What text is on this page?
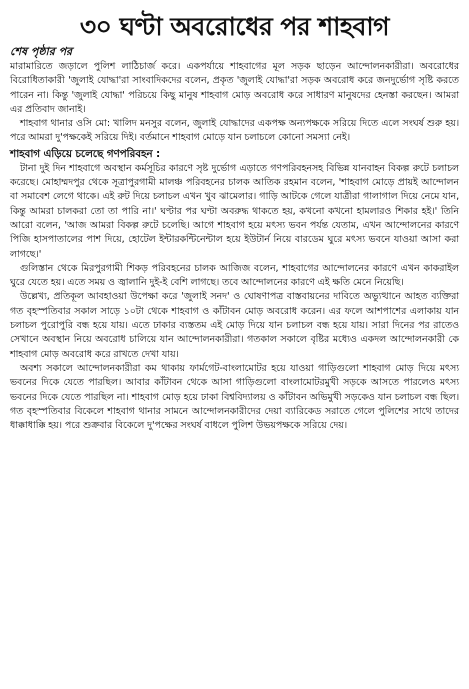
৩০ ঘণ্টা অবরোধের পর শাহবাগ
শেষ পৃষ্ঠার পর

মারামারিতে জড়ালে পুলিশ লাঠিচার্জ করে। একপর্যায়ে শাহবাগের মূল সড়ক ছাড়েন আন্দোলনকারীরা। অবরোধের বিরোধিতাকারী 'জুলাই যোদ্ধা'রা সাংবাদিকদের বলেন, প্রকৃত 'জুলাই যোদ্ধা'রা সড়ক অবরোধ করে জনদুর্ভোগ সৃষ্টি করতে পারেন না। কিন্তু 'জুলাই যোদ্ধা' পরিচয়ে কিছু মানুষ শাহবাগ মোড় অবরোধ করে সাধারণ মানুষদের হেনস্তা করছেন। আমরা এর প্রতিবাদ জানাই।

শাহবাগ থানার ওসি মো: খালিদ মনসুর বলেন, জুলাই যোদ্ধাদের একপক্ষ অন্যপক্ষকে সরিয়ে দিতে এলে সংঘর্ষ শুরু হয়। পরে আমরা দু'পক্ষকেই সরিয়ে দিই। বর্তমানে শাহবাগ মোড়ে যান চলাচলে কোনো সমস্যা নেই।

শাহবাগ এড়িয়ে চলেছে গণপরিবহন :

টানা দুই দিন শাহবাগে অবস্থান কর্মসূচির কারণে সৃষ্ট দুর্ভোগ এড়াতে গণপরিবহনসহ বিভিন্ন যানবাহন বিকল্প রুটে চলাচল করেছে। মোহাম্মদপুর থেকে সূত্রাপুরগামী মালঞ্চ পরিবহনের চালক আতিক রহমান বলেন, 'শাহবাগ মোড়ে প্রায়ই আন্দোলন বা সমাবেশ লেগে থাকে। এই রুট দিয়ে চলাচল এখন খুব ঝামেলার। গাড়ি আটকে গেলে যাত্রীরা গালাগাল দিয়ে নেমে যান, কিন্তু আমরা চালকরা তো তা পারি না।' ঘণ্টার পর ঘণ্টা অবরুদ্ধ থাকতে হয়, কখনো কখনো হামলারও শিকার হই।' তিনি আরো বলেন, 'আজ আমরা বিকল্প রুটে চলেছি। আগে শাহবাগ হয়ে মৎস্য ভবন পর্যন্ত যেতাম, এখন আন্দোলনের কারণে পিজি হাসপাতালের পাশ দিয়ে, হোটেল ইন্টারকন্টিনেন্টাল হয়ে ইউটার্ন নিয়ে বারডেম ঘুরে মৎস্য ভবনে যাওয়া আসা করা লাগছে।'

গুলিস্তান থেকে মিরপুরগামী শিকড় পরিবহনের চালক আজিজ বলেন, শাহবাগের আন্দোলনের কারণে এখন কাকরাইল ঘুরে যেতে হয়। এতে সময় ও জ্বালানি দুই-ই বেশি লাগছে। তবে আন্দোলনের কারণে এই ক্ষতি মেনে নিয়েছি।

উল্লেখ্য, প্রতিকূল আবহাওয়া উপেক্ষা করে 'জুলাই সনদ' ও ঘোষণাপত্র বাস্তবায়নের দাবিতে অভ্যুত্থানে আহত ব্যক্তিরা গত বৃহস্পতিবার সকাল সাড়ে ১০টা থেকে শাহবাগ ও কাঁটাবন মোড় অবরোধ করেন। এর ফলে আশপাশের এলাকায় যান চলাচল পুরোপুরি বন্ধ হয়ে যায়। এতে ঢাকার ব্যস্ততম এই মোড় দিয়ে যান চলাচল বন্ধ হয়ে যায়। সারা দিনের পর রাতেও সেখানে অবস্থান নিয়ে অবরোধ চালিয়ে যান আন্দোলনকারীরা। গতকাল সকালে বৃষ্টির মধ্যেও একদল আন্দোলনকারী কে শাহবাগ মোড় অবরোধ করে রাখতে দেখা যায়।

অবশ্য সকালে আন্দোলনকারীরা কম থাকায় ফার্মগেট-বাংলামোটর হয়ে যাওয়া গাড়িগুলো শাহবাগ মোড় দিয়ে মৎস্য ভবনের দিকে যেতে পারছিল। আবার কাঁটাবন থেকে আসা গাড়িগুলো বাংলামোটরমুখী সড়কে আসতে পারলেও মৎস্য ভবনের দিকে যেতে পারছিল না। শাহবাগ মোড় হয়ে ঢাকা বিশ্ববিদ্যালয় ও কাঁটাবন অভিমুখী সড়কেও যান চলাচল বন্ধ ছিল। গত বৃহস্পতিবার বিকেলে শাহবাগ থানার সামনে আন্দোলনকারীদের দেয়া ব্যারিকেড সরাতে গেলে পুলিশের সাথে তাদের ধাক্কাধাক্কি হয়। পরে শুক্রবার বিকেলে দু'পক্ষের সংঘর্ষ বাধলে পুলিশ উভয়পক্ষকে সরিয়ে দেয়।
